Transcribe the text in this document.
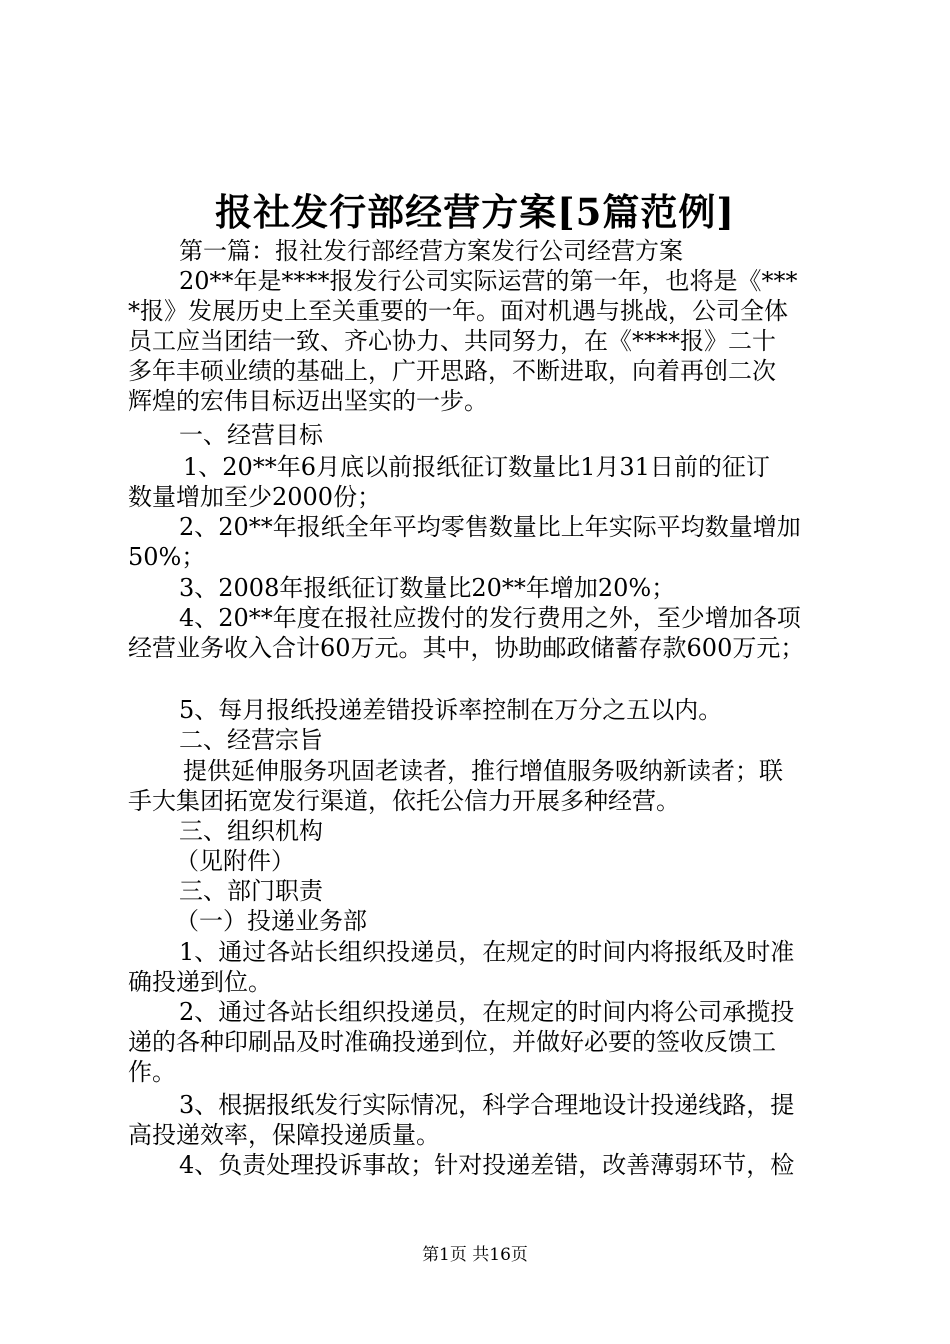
报社发行部经营方案[5篇范例]
第一篇：报社发行部经营方案发行公司经营方案
20**年是****报发行公司实际运营的第一年，也将是《***
*报》发展历史上至关重要的一年。面对机遇与挑战，公司全体
员工应当团结一致、齐心协力、共同努力，在《****报》二十
多年丰硕业绩的基础上，广开思路，不断进取，向着再创二次
辉煌的宏伟目标迈出坚实的一步。
一、经营目标
1、20**年6月底以前报纸征订数量比1月31日前的征订
数量增加至少2000份；
2、20**年报纸全年平均零售数量比上年实际平均数量增加
50%；
3、2008年报纸征订数量比20**年增加20%；
4、20**年度在报社应拨付的发行费用之外，至少增加各项
经营业务收入合计60万元。其中，协助邮政储蓄存款600万元；
5、每月报纸投递差错投诉率控制在万分之五以内。
二、经营宗旨
提供延伸服务巩固老读者，推行增值服务吸纳新读者；联
手大集团拓宽发行渠道，依托公信力开展多种经营。
三、组织机构
（见附件）
三、部门职责
（一）投递业务部
1、通过各站长组织投递员，在规定的时间内将报纸及时准
确投递到位。
2、通过各站长组织投递员，在规定的时间内将公司承揽投
递的各种印刷品及时准确投递到位，并做好必要的签收反馈工
作。
3、根据报纸发行实际情况，科学合理地设计投递线路，提
高投递效率，保障投递质量。
4、负责处理投诉事故；针对投递差错，改善薄弱环节，检
第1页 共16页
